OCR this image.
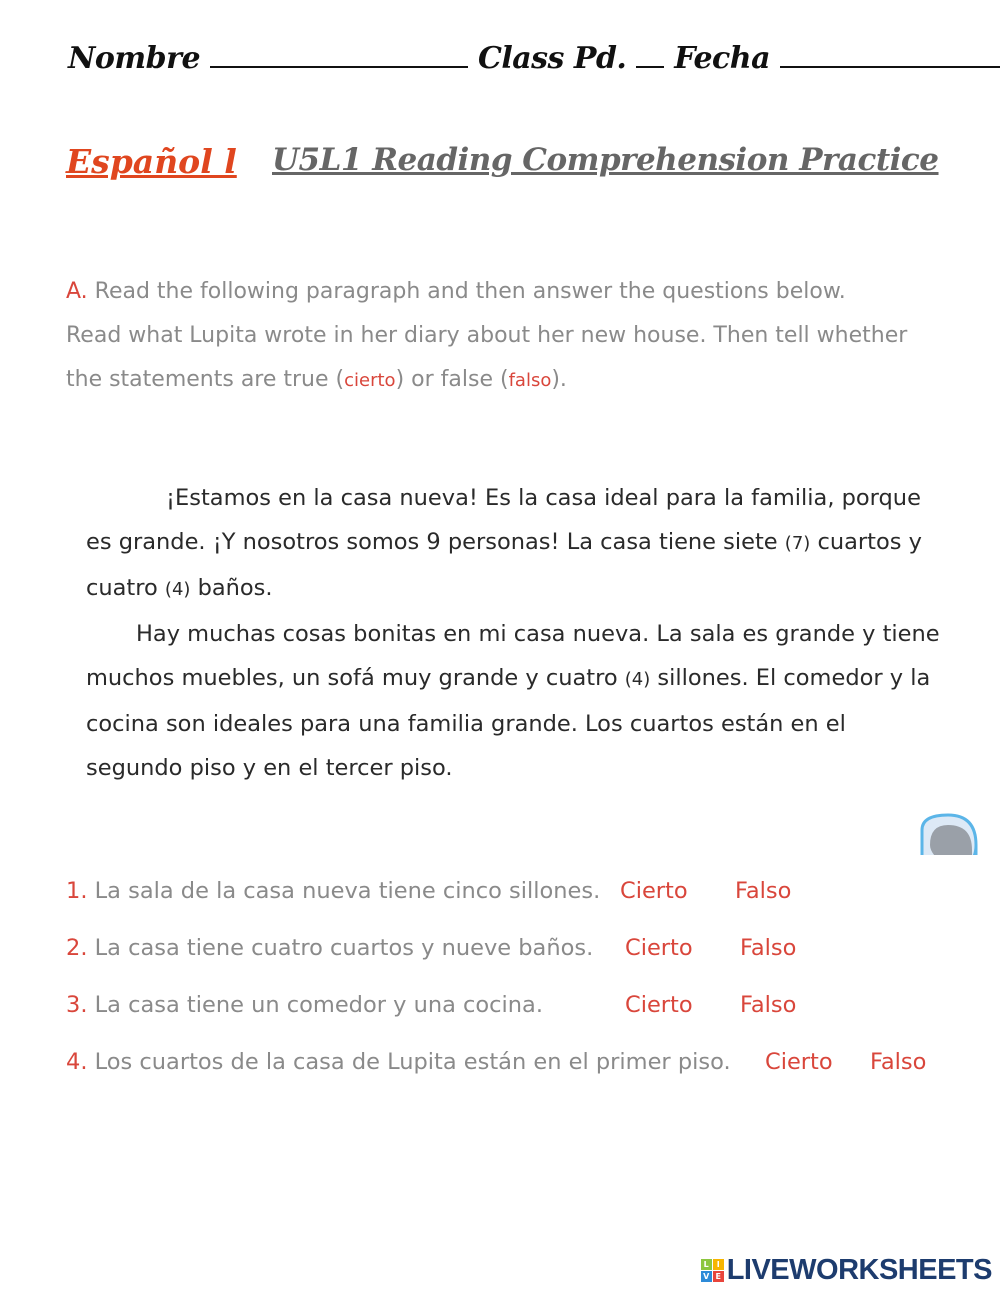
Nombre	Class Pd. Fecha
Español l U5L1 Reading Comprehension Practice
A. Read the following paragraph and then answer the questions below.
Read what Lupita wrote in her diary about her new house. Then tell whether
the statements are true (cierto) or false (falso).
¡Estamos en la casa nueva! Es la casa ideal para la familia, porque es grande. ¡Y nosotros somos 9 personas! La casa tiene siete (7) cuartos y cuatro (4) baños.
Hay muchas cosas bonitas en mi casa nueva. La sala es grande y tiene muchos muebles, un sofá muy grande y cuatro (4) sillones. El comedor y la cocina son ideales para una familia grande. Los cuartos están en el segundo piso y en el tercer piso.
1. La sala de la casa nueva tiene cinco sillones. Cierto Falso
2. La casa tiene cuatro cuartos y nueve baños. Cierto Falso
3. La casa tiene un comedor y una cocina.	Cierto Falso
4. Los cuartos de la casa de Lupita están en el primer piso. Cierto Falso
L I
V E LIVEWORKSHEETS
